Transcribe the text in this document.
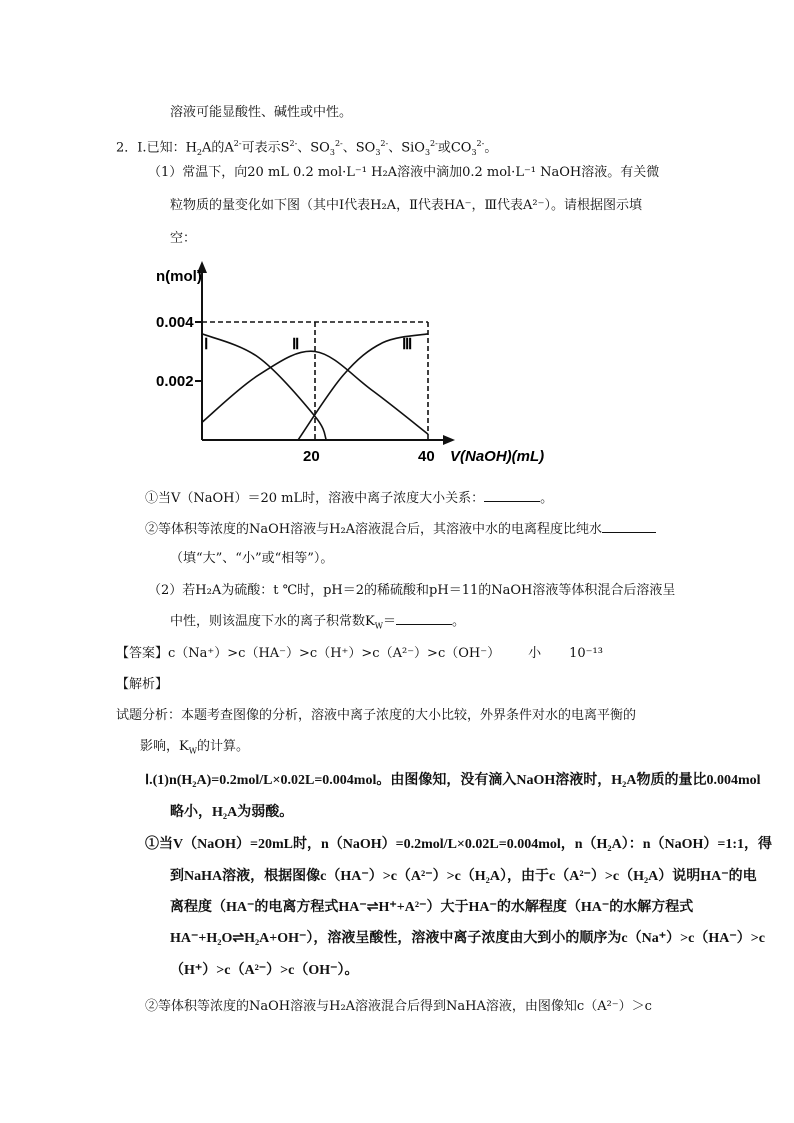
溶液可能显酸性、碱性或中性。
2．Ⅰ.已知：$H_2A$的$A^{2-}$可表示$S^{2-}$、$SO_3^{2-}$、$SO_3^{2-}$、SiO$_3^{2-}$或$CO_3^{2-}$。
（1）常温下，向20 mL 0.2 mol·L⁻¹ H₂A溶液中滴加0.2 mol·L⁻¹ NaOH溶液。有关微
粒物质的量变化如下图（其中Ⅰ代表H₂A，Ⅱ代表HA⁻，Ⅲ代表A²⁻）。请根据图示填
空：
n(mol)
0.004
0.002
20	40 V(NaOH)(mL)
Ⅰ	Ⅱ	Ⅲ
①当V（NaOH）＝20 mL时，溶液中离子浓度大小关系：	。
②等体积等浓度的NaOH溶液与H₂A溶液混合后，其溶液中水的电离程度比纯水
（填“大”、“小”或“相等”）。
（2）若H₂A为硫酸：t ℃时，pH＝2的稀硫酸和pH＝11的NaOH溶液等体积混合后溶液呈
中性，则该温度下水的离子积常数$K_W=$	。
【答案】c（Na⁺）>c（HA⁻）>c（H⁺）>c（A²⁻）>c（OH⁻） 小 10⁻¹³
【解析】
试题分析：本题考查图像的分析，溶液中离子浓度的大小比较，外界条件对水的电离平衡的
影响，$K_W$的计算。
Ⅰ.(1)n(H₂A)=0.2mol/L×0.02L=0.004mol。由图像知，没有滴入NaOH溶液时，H₂A物质的量比0.004mol
略小，H₂A为弱酸。
①当V（NaOH）=20mL时，n（NaOH）=0.2mol/L×0.02L=0.004mol，n（H₂A）：n（NaOH）=1:1，得
到NaHA溶液，根据图像c（HA⁻）>c（A²⁻）>c（H₂A），由于c（A²⁻）>c（H₂A）说明HA⁻的电
离程度（HA⁻的电离方程式HA⁻⇌H⁺+A²⁻）大于HA⁻的水解程度（HA⁻的水解方程式
HA⁻+H₂O⇌H₂A+OH⁻），溶液呈酸性，溶液中离子浓度由大到小的顺序为c（Na⁺）>c（HA⁻）>c
（H⁺）>c（A²⁻）>c（OH⁻）。
②等体积等浓度的NaOH溶液与H₂A溶液混合后得到NaHA溶液，由图像知c（A²⁻）＞c
